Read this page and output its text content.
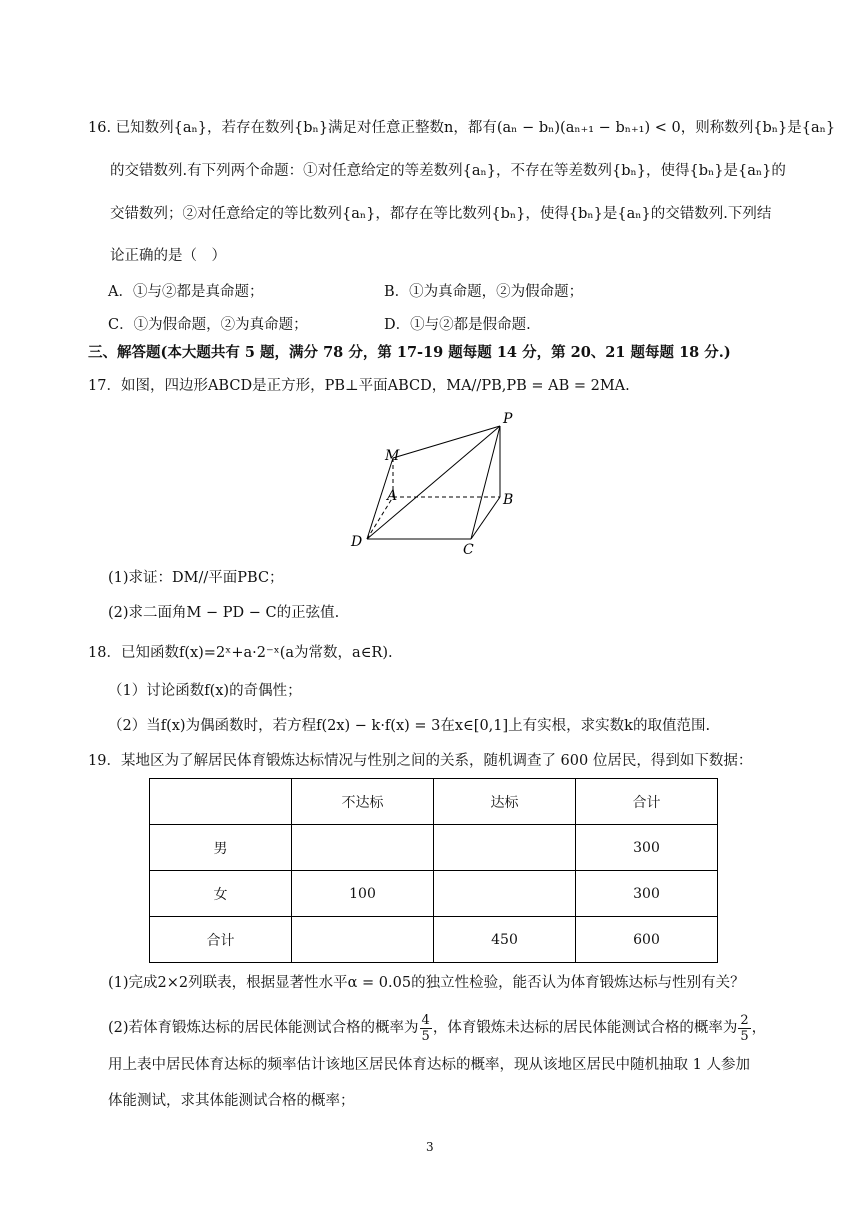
16. 已知数列{aₙ}，若存在数列{bₙ}满足对任意正整数n，都有(aₙ − bₙ)(aₙ₊₁ − bₙ₊₁) < 0，则称数列{bₙ}是{aₙ}
的交错数列.有下列两个命题：①对任意给定的等差数列{aₙ}，不存在等差数列{bₙ}，使得{bₙ}是{aₙ}的
交错数列；②对任意给定的等比数列{aₙ}，都存在等比数列{bₙ}，使得{bₙ}是{aₙ}的交错数列.下列结
论正确的是（　）
A．①与②都是真命题；	B．①为真命题，②为假命题；
C．①为假命题，②为真命题；	D．①与②都是假命题.
三、解答题(本大题共有 5 题，满分 78 分，第 17-19 题每题 14 分，第 20、21 题每题 18 分.)
17．如图，四边形ABCD是正方形，PB⊥平面ABCD，MA//PB,PB = AB = 2MA.
P
M
A	B
D	C
(1)求证：DM//平面PBC；
(2)求二面角M − PD − C的正弦值.
18．已知函数f(x)=2ˣ+a·2⁻ˣ(a为常数，a∈R).
（1）讨论函数f(x)的奇偶性；
（2）当f(x)为偶函数时，若方程f(2x) − k·f(x) = 3在x∈[0,1]上有实根，求实数k的取值范围.
19．某地区为了解居民体育锻炼达标情况与性别之间的关系，随机调查了 600 位居民，得到如下数据：
	不达标	达标	合计
男			300
女	100		300
合计		450	600
(1)完成2×2列联表，根据显著性水平α = 0.05的独立性检验，能否认为体育锻炼达标与性别有关？
(2)若体育锻炼达标的居民体能测试合格的概率为 $\frac{4}{5}$ ，体育锻炼未达标的居民体能测试合格的概率为 $\frac{2}{5}$ ，
用上表中居民体育达标的频率估计该地区居民体育达标的概率，现从该地区居民中随机抽取 1 人参加
体能测试，求其体能测试合格的概率；
3
